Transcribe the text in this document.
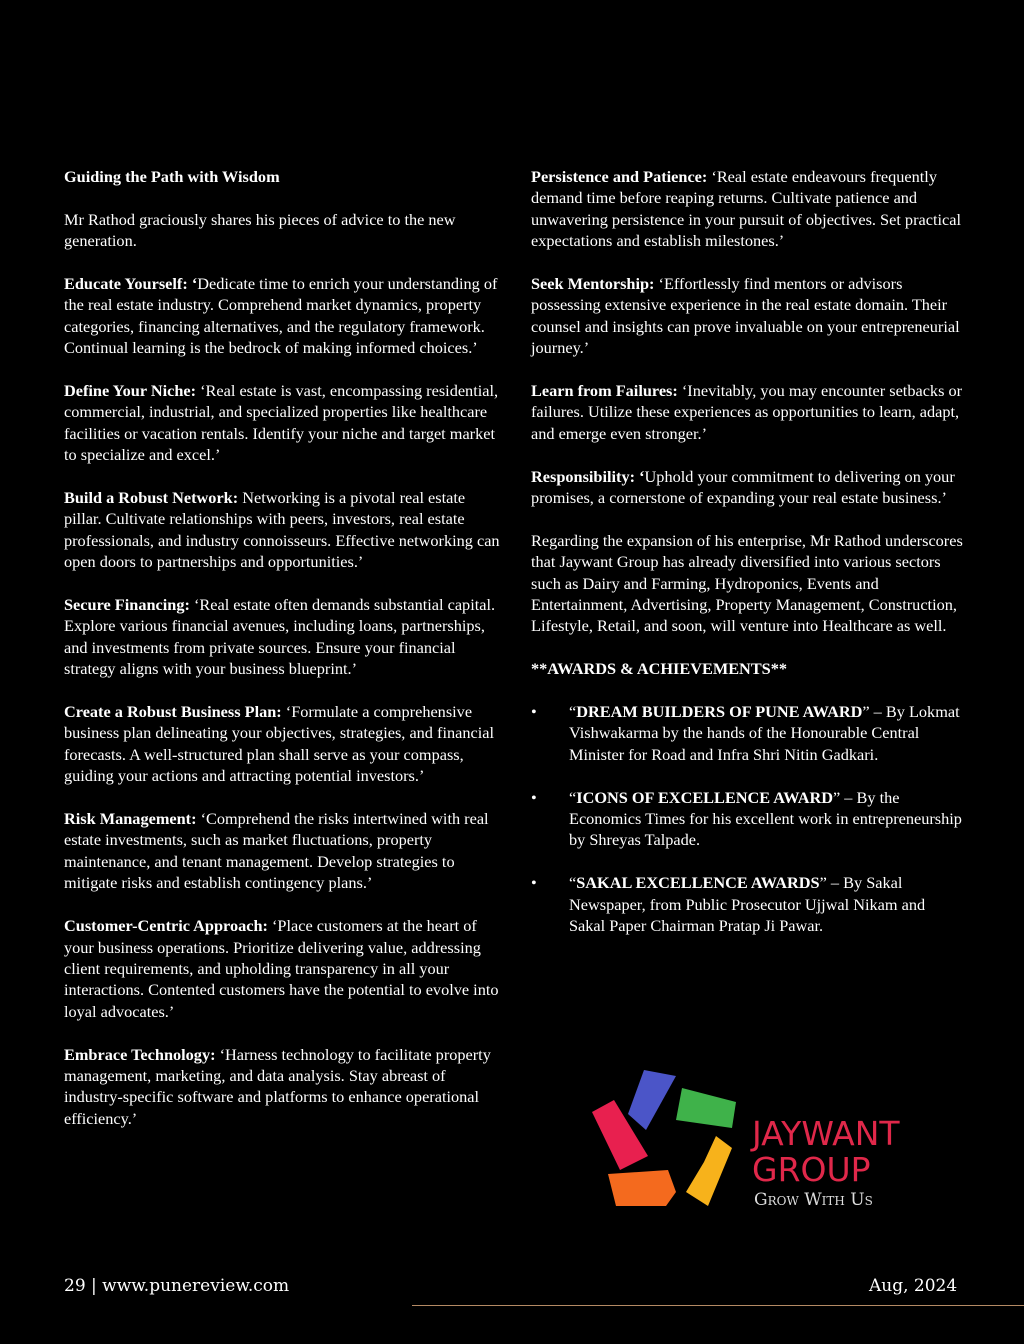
Guiding the Path with Wisdom

Mr Rathod graciously shares his pieces of advice to the new generation.

Educate Yourself: ‘Dedicate time to enrich your understanding of the real estate industry. Comprehend market dynamics, property categories, financing alternatives, and the regulatory framework. Continual learning is the bedrock of making informed choices.’

Define Your Niche: ‘Real estate is vast, encompassing residential, commercial, industrial, and specialized properties like healthcare facilities or vacation rentals. Identify your niche and target market to specialize and excel.’

Build a Robust Network: Networking is a pivotal real estate pillar. Cultivate relationships with peers, investors, real estate professionals, and industry connoisseurs. Effective networking can open doors to partnerships and opportunities.’

Secure Financing: ‘Real estate often demands substantial capital. Explore various financial avenues, including loans, partnerships, and investments from private sources. Ensure your financial strategy aligns with your business blueprint.’

Create a Robust Business Plan: ‘Formulate a comprehensive business plan delineating your objectives, strategies, and financial forecasts. A well-structured plan shall serve as your compass, guiding your actions and attracting potential investors.’

Risk Management: ‘Comprehend the risks intertwined with real estate investments, such as market fluctuations, property maintenance, and tenant management. Develop strategies to mitigate risks and establish contingency plans.’

Customer-Centric Approach: ‘Place customers at the heart of your business operations. Prioritize delivering value, addressing client requirements, and upholding transparency in all your interactions. Contented customers have the potential to evolve into loyal advocates.’

Embrace Technology: ‘Harness technology to facilitate property management, marketing, and data analysis. Stay abreast of industry-specific software and platforms to enhance operational efficiency.’

Persistence and Patience: ‘Real estate endeavours frequently demand time before reaping returns. Cultivate patience and unwavering persistence in your pursuit of objectives. Set practical expectations and establish milestones.’

Seek Mentorship: ‘Effortlessly find mentors or advisors possessing extensive experience in the real estate domain. Their counsel and insights can prove invaluable on your entrepreneurial journey.’

Learn from Failures: ‘Inevitably, you may encounter setbacks or failures. Utilize these experiences as opportunities to learn, adapt, and emerge even stronger.’

Responsibility: ‘Uphold your commitment to delivering on your promises, a cornerstone of expanding your real estate business.’

Regarding the expansion of his enterprise, Mr Rathod underscores that Jaywant Group has already diversified into various sectors such as Dairy and Farming, Hydroponics, Events and Entertainment, Advertising, Property Management, Construction, Lifestyle, Retail, and soon, will venture into Healthcare as well.

**AWARDS & ACHIEVEMENTS**
• “DREAM BUILDERS OF PUNE AWARD” – By Lokmat Vishwakarma by the hands of the Honourable Central Minister for Road and Infra Shri Nitin Gadkari.
• “ICONS OF EXCELLENCE AWARD” – By the Economics Times for his excellent work in entrepreneurship by Shreyas Talpade.
• “SAKAL EXCELLENCE AWARDS” – By Sakal Newspaper, from Public Prosecutor Ujjwal Nikam and Sakal Paper Chairman Pratap Ji Pawar.
JAYWANT
GROUP
Grow With Us
29 | www.punereview.com	Aug, 2024
